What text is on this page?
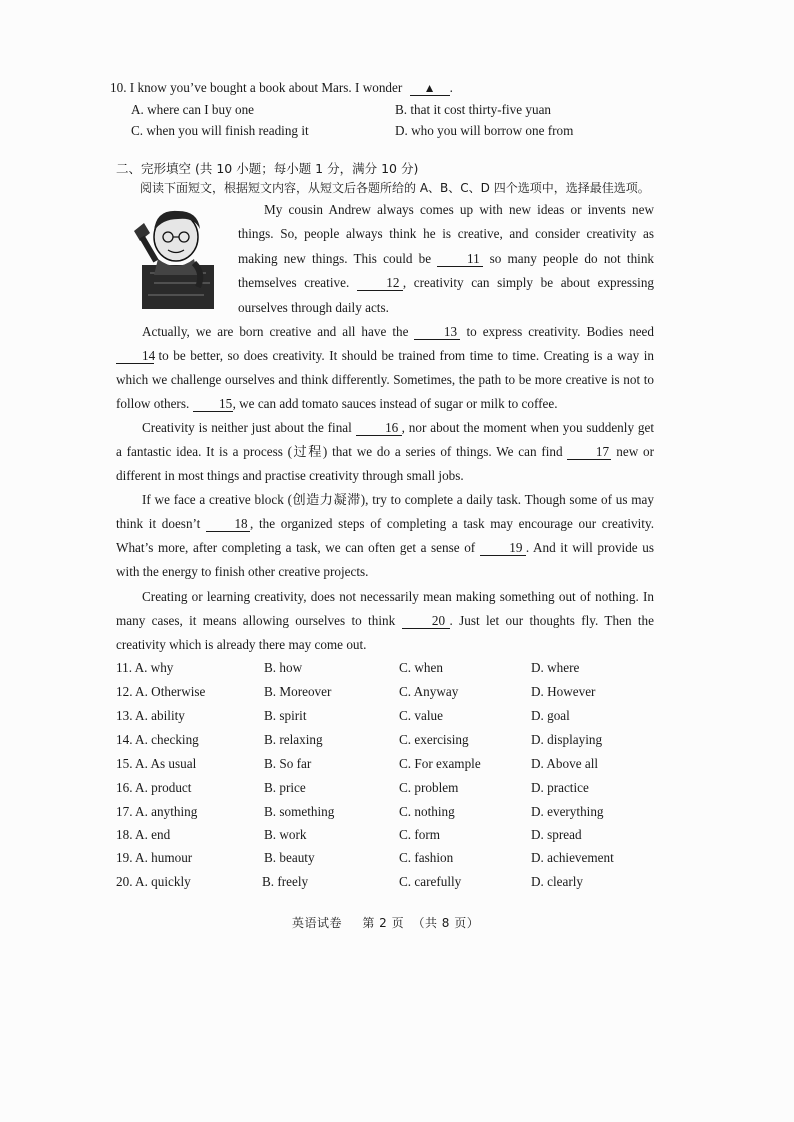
10. I know you’ve bought a book about Mars. I wonder ▲ .
A. where can I buy one	B. that it cost thirty-five yuan
C. when you will finish reading it	D. who you will borrow one from
二、完形填空 (共 10 小题；每小题 1 分，满分 10 分)
阅读下面短文，根据短文内容，从短文后各题所给的 A、B、C、D 四个选项中，选择最佳选项。
My cousin Andrew always comes up with new ideas or invents new things. So, people always think he is creative, and consider creativity as making new things. This could be	11 so many people do not think themselves creative.	12 , creativity can simply be about expressing ourselves through daily acts.
Actually, we are born creative and all have the	13 to express creativity. Bodies need 14 to be better, so does creativity. It should be trained from time to time. Creating is a way in which we challenge ourselves and think differently. Sometimes, the path to be more creative is not to follow others. 15, we can add tomato sauces instead of sugar or milk to coffee.
Creativity is neither just about the final	16 , nor about the moment when you suddenly get a fantastic idea. It is a process (过程) that we do a series of things. We can find	17 new or different in most things and practise creativity through small jobs.
If we face a creative block (创造力凝滞), try to complete a daily task. Though some of us may think it doesn’t	18 , the organized steps of completing a task may encourage our creativity. What’s more, after completing a task, we can often get a sense of	19 . And it will provide us with the energy to finish other creative projects.
Creating or learning creativity, does not necessarily mean making something out of nothing. In many cases, it means allowing ourselves to think	20 . Just let our thoughts fly. Then the creativity which is already there may come out.
11. A. why	B. how	C. when	D. where
12. A. Otherwise	B. Moreover	C. Anyway	D. However
13. A. ability	B. spirit	C. value	D. goal
14. A. checking	B. relaxing	C. exercising	D. displaying
15. A. As usual	B. So far	C. For example	D. Above all
16. A. product	B. price	C. problem	D. practice
17. A. anything	B. something	C. nothing	D. everything
18. A. end	B. work	C. form	D. spread
19. A. humour	B. beauty	C. fashion	D. achievement
20. A. quickly	B. freely	C. carefully	D. clearly
英语试卷 第 2 页 （共 8 页）
